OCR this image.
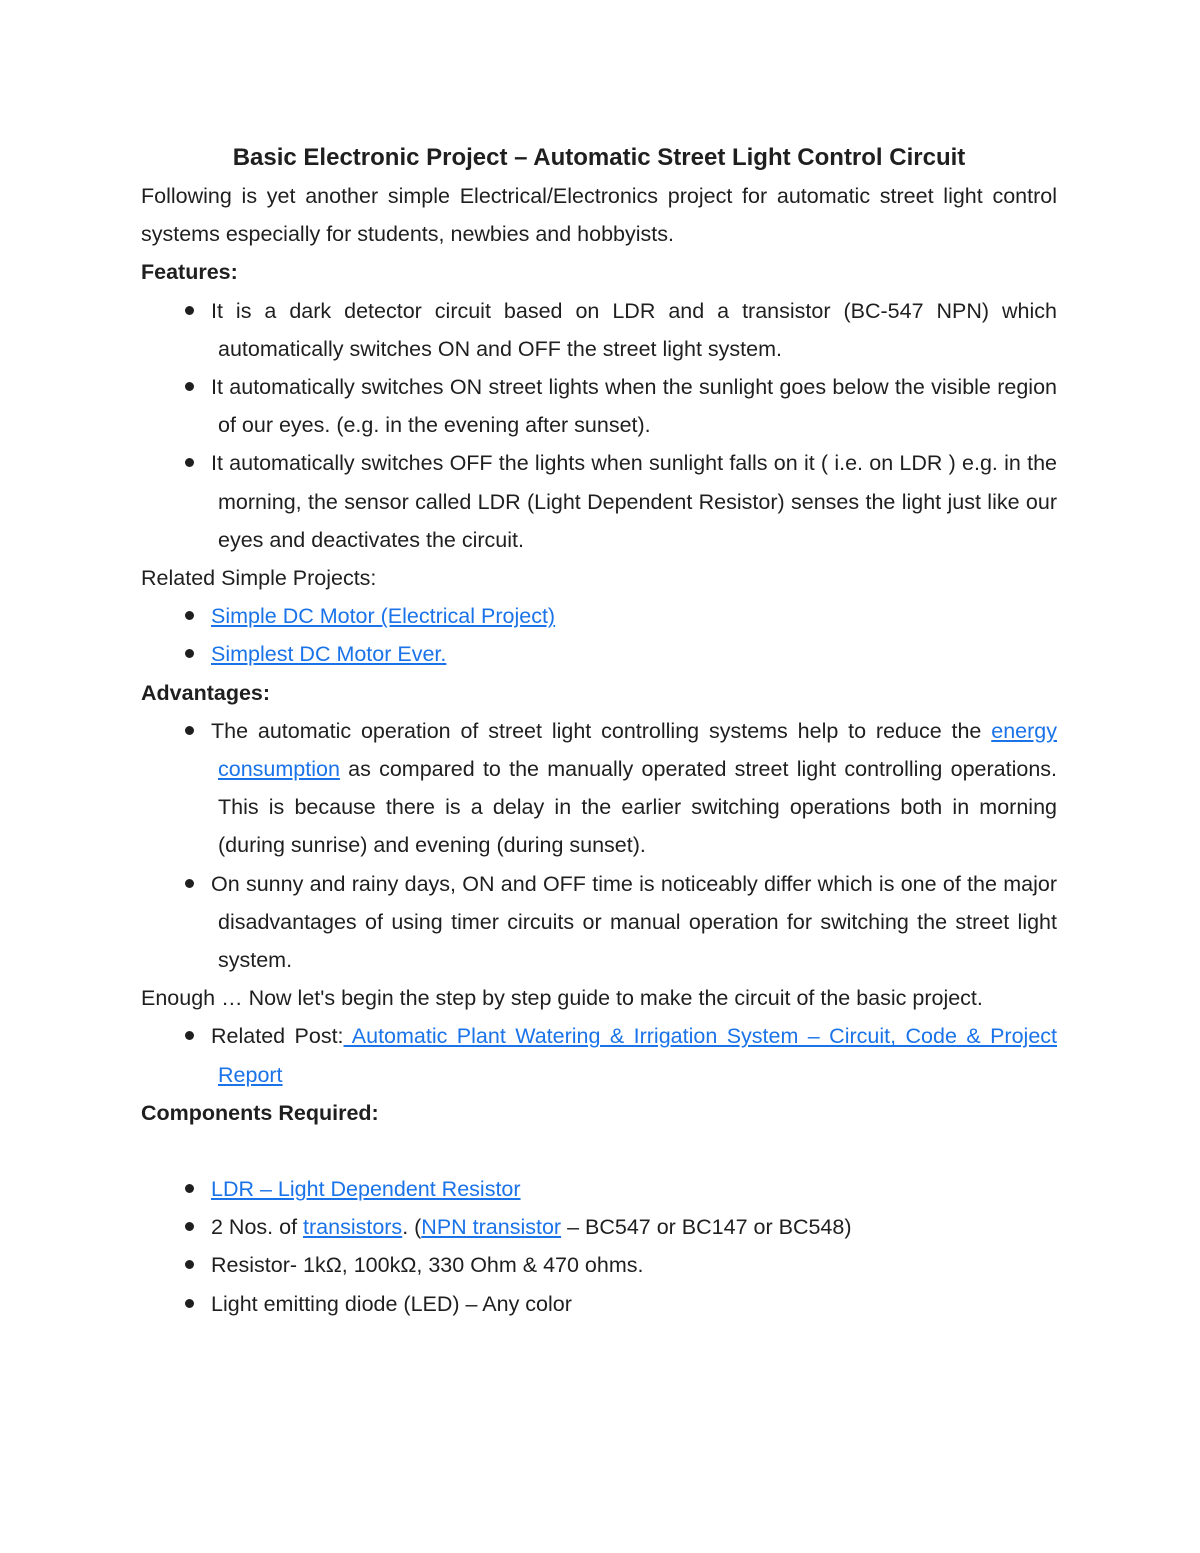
Basic Electronic Project – Automatic Street Light Control Circuit

Following is yet another simple Electrical/Electronics project for automatic street light control systems especially for students, newbies and hobbyists.

Features:

It is a dark detector circuit based on LDR and a transistor (BC-547 NPN) which automatically switches ON and OFF the street light system.
It automatically switches ON street lights when the sunlight goes below the visible region of our eyes. (e.g. in the evening after sunset).
It automatically switches OFF the lights when sunlight falls on it ( i.e. on LDR ) e.g. in the morning, the sensor called LDR (Light Dependent Resistor) senses the light just like our eyes and deactivates the circuit.

Related Simple Projects:

Simple DC Motor (Electrical Project)
Simplest DC Motor Ever.

Advantages:

The automatic operation of street light controlling systems help to reduce the energy consumption as compared to the manually operated street light controlling operations. This is because there is a delay in the earlier switching operations both in morning (during sunrise) and evening (during sunset).
On sunny and rainy days, ON and OFF time is noticeably differ which is one of the major disadvantages of using timer circuits or manual operation for switching the street light system.

Enough … Now let's begin the step by step guide to make the circuit of the basic project.

Related Post: Automatic Plant Watering & Irrigation System – Circuit, Code & Project Report

Components Required:

LDR – Light Dependent Resistor
2 Nos. of transistors. (NPN transistor – BC547 or BC147 or BC548)
Resistor- 1kΩ, 100kΩ, 330 Ohm & 470 ohms.
Light emitting diode (LED) – Any color
